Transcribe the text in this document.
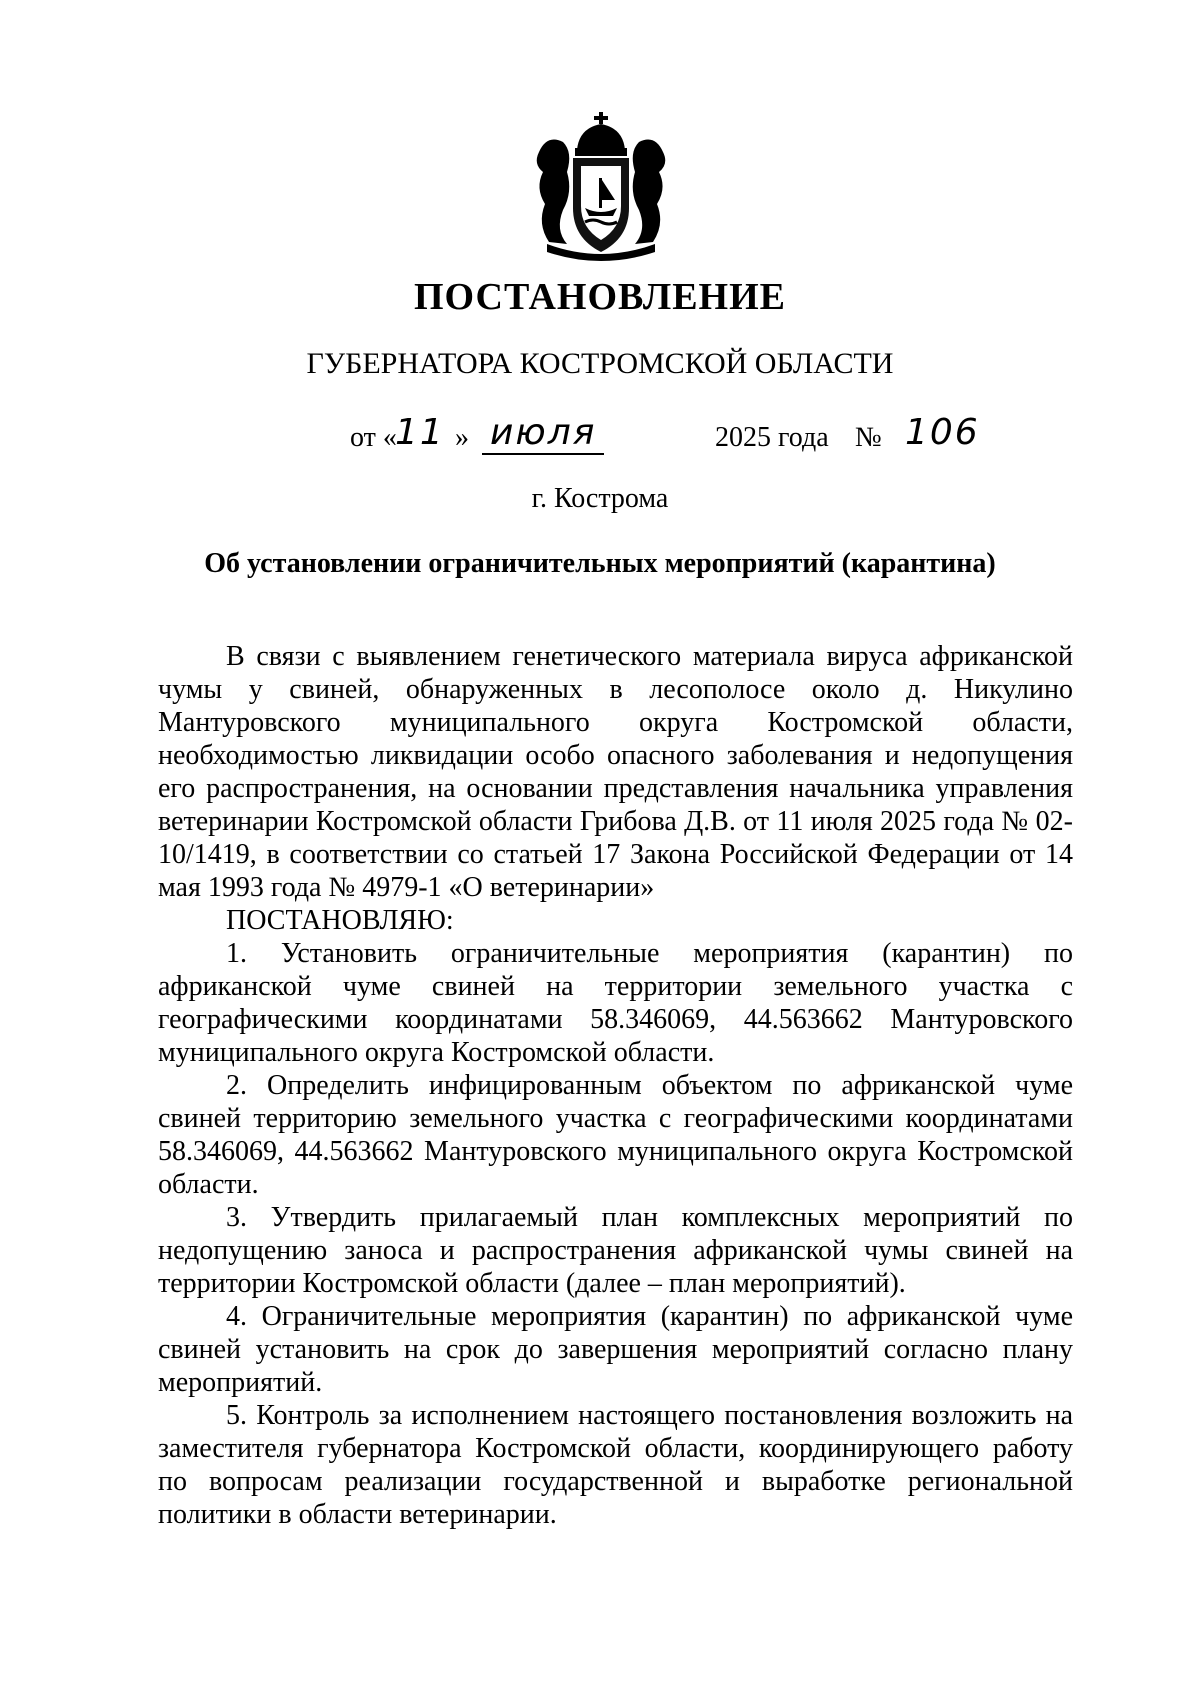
ПОСТАНОВЛЕНИЕ
ГУБЕРНАТОРА КОСТРОМСКОЙ ОБЛАСТИ
от «
11 » июля	2025 года № 106
г. Кострома
Об установлении ограничительных мероприятий (карантина)

В связи с выявлением генетического материала вируса африканской чумы у свиней, обнаруженных в лесополосе около д. Никулино Мантуровского муниципального округа Костромской области, необходимостью ликвидации особо опасного заболевания и недопущения его распространения, на основании представления начальника управления ветеринарии Костромской области Грибова Д.В. от 11 июля 2025 года № 02-10/1419, в соответствии со статьей 17 Закона Российской Федерации от 14 мая 1993 года № 4979-1 «О ветеринарии»

ПОСТАНОВЛЯЮ:

1. Установить ограничительные мероприятия (карантин) по африканской чуме свиней на территории земельного участка с географическими координатами 58.346069, 44.563662 Мантуровского муниципального округа Костромской области.

2. Определить инфицированным объектом по африканской чуме свиней территорию земельного участка с географическими координатами 58.346069, 44.563662 Мантуровского муниципального округа Костромской области.

3. Утвердить прилагаемый план комплексных мероприятий по недопущению заноса и распространения африканской чумы свиней на территории Костромской области (далее – план мероприятий).

4. Ограничительные мероприятия (карантин) по африканской чуме свиней установить на срок до завершения мероприятий согласно плану мероприятий.

5. Контроль за исполнением настоящего постановления возложить на заместителя губернатора Костромской области, координирующего работу по вопросам реализации государственной и выработке региональной политики в области ветеринарии.
